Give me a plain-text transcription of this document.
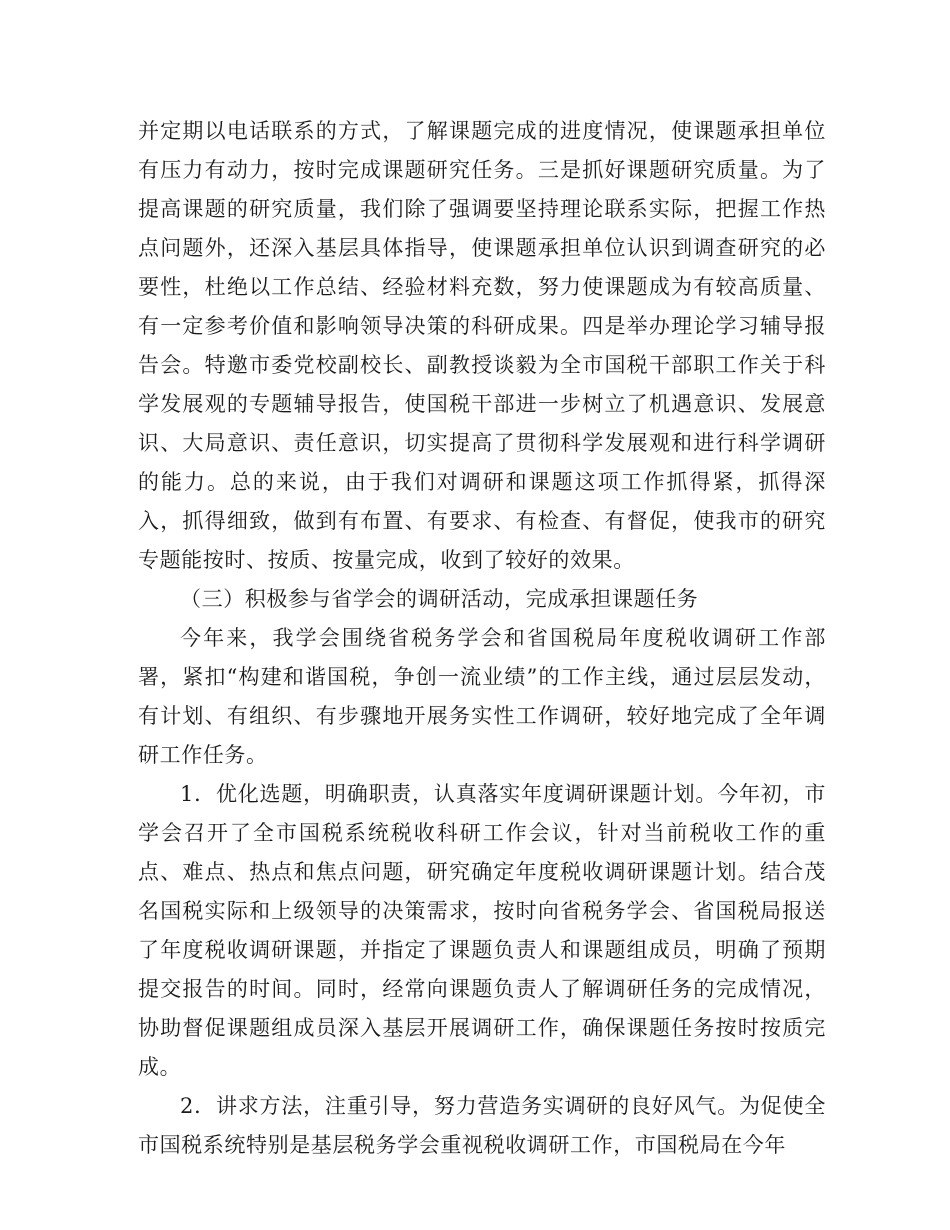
并定期以电话联系的方式，了解课题完成的进度情况，使课题承担单位有压力有动力，按时完成课题研究任务。三是抓好课题研究质量。为了提高课题的研究质量，我们除了强调要坚持理论联系实际，把握工作热点问题外，还深入基层具体指导，使课题承担单位认识到调查研究的必要性，杜绝以工作总结、经验材料充数，努力使课题成为有较高质量、有一定参考价值和影响领导决策的科研成果。四是举办理论学习辅导报告会。特邀市委党校副校长、副教授谈毅为全市国税干部职工作关于科学发展观的专题辅导报告，使国税干部进一步树立了机遇意识、发展意识、大局意识、责任意识，切实提高了贯彻科学发展观和进行科学调研的能力。总的来说，由于我们对调研和课题这项工作抓得紧，抓得深入，抓得细致，做到有布置、有要求、有检查、有督促，使我市的研究专题能按时、按质、按量完成，收到了较好的效果。

（三）积极参与省学会的调研活动，完成承担课题任务

今年来，我学会围绕省税务学会和省国税局年度税收调研工作部署，紧扣“构建和谐国税，争创一流业绩”的工作主线，通过层层发动，有计划、有组织、有步骤地开展务实性工作调研，较好地完成了全年调研工作任务。

1．优化选题，明确职责，认真落实年度调研课题计划。今年初，市学会召开了全市国税系统税收科研工作会议，针对当前税收工作的重点、难点、热点和焦点问题，研究确定年度税收调研课题计划。结合茂名国税实际和上级领导的决策需求，按时向省税务学会、省国税局报送了年度税收调研课题，并指定了课题负责人和课题组成员，明确了预期提交报告的时间。同时，经常向课题负责人了解调研任务的完成情况，协助督促课题组成员深入基层开展调研工作，确保课题任务按时按质完成。

2．讲求方法，注重引导，努力营造务实调研的良好风气。为促使全市国税系统特别是基层税务学会重视税收调研工作，市国税局在今年
